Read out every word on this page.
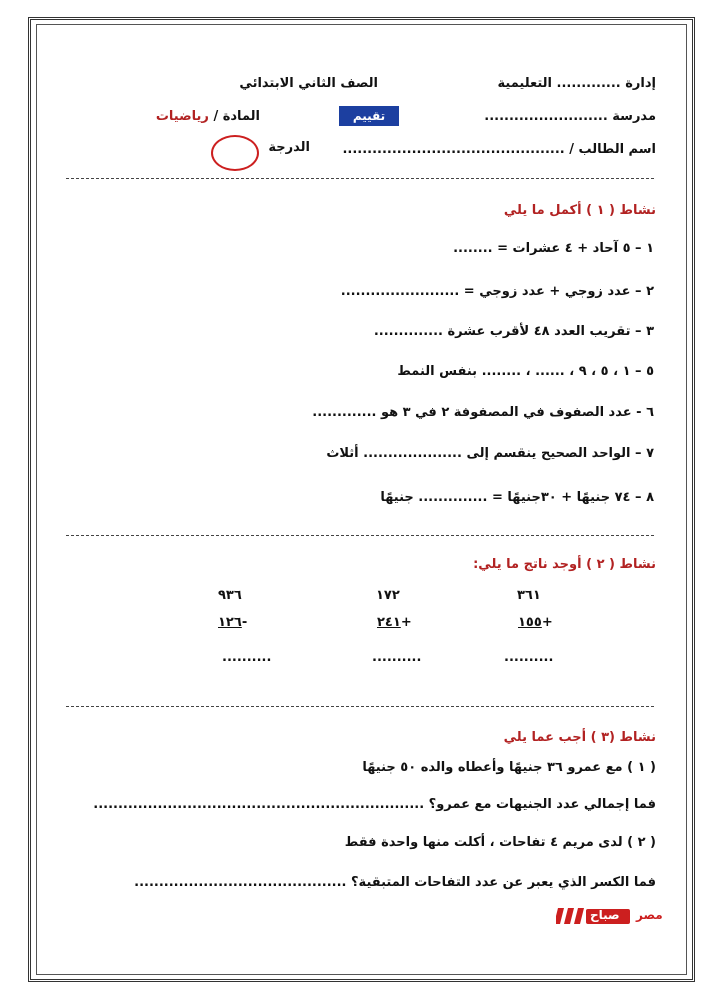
إدارة ............. التعليمية
الصف الثاني الابتدائي
مدرسة .........................
تقييم مبدئي
المادة / رياضيات
اسم الطالب / .............................................
الدرجة
نشاط ( ١ ) أكمل ما يلي
١ – ٥ آحاد + ٤ عشرات = ........
٢ – عدد زوجي + عدد زوجي = ........................
٣ – تقريب العدد ٤٨ لأقرب عشرة ..............
٥ – ١ ، ٥ ، ٩ ، ...... ، ........ بنفس النمط
٦ - عدد الصفوف في المصفوفة ٢ في ٣ هو .............
٧ – الواحد الصحيح ينقسم إلى .................... أثلاث
٨ – ٧٤ جنيهًا + ٣٠جنيهًا = .............. جنيهًا
نشاط ( ٢ ) أوجد ناتج ما يلي:
٣٦١
+١٥٥
..........
١٧٢
+٢٤١
..........
٩٣٦
-١٢٦
..........
نشاط (٣ ) أجب عما يلي
( ١ ) مع عمرو ٣٦ جنيهًا وأعطاه والده ٥٠ جنيهًا
فما إجمالي عدد الجنيهات مع عمرو؟ ...................................................................
( ٢ ) لدى مريم ٤ تفاحات ، أكلت منها واحدة فقط
فما الكسر الذي يعبر عن عدد التفاحات المتبقية؟ ...........................................
صباح مصر
